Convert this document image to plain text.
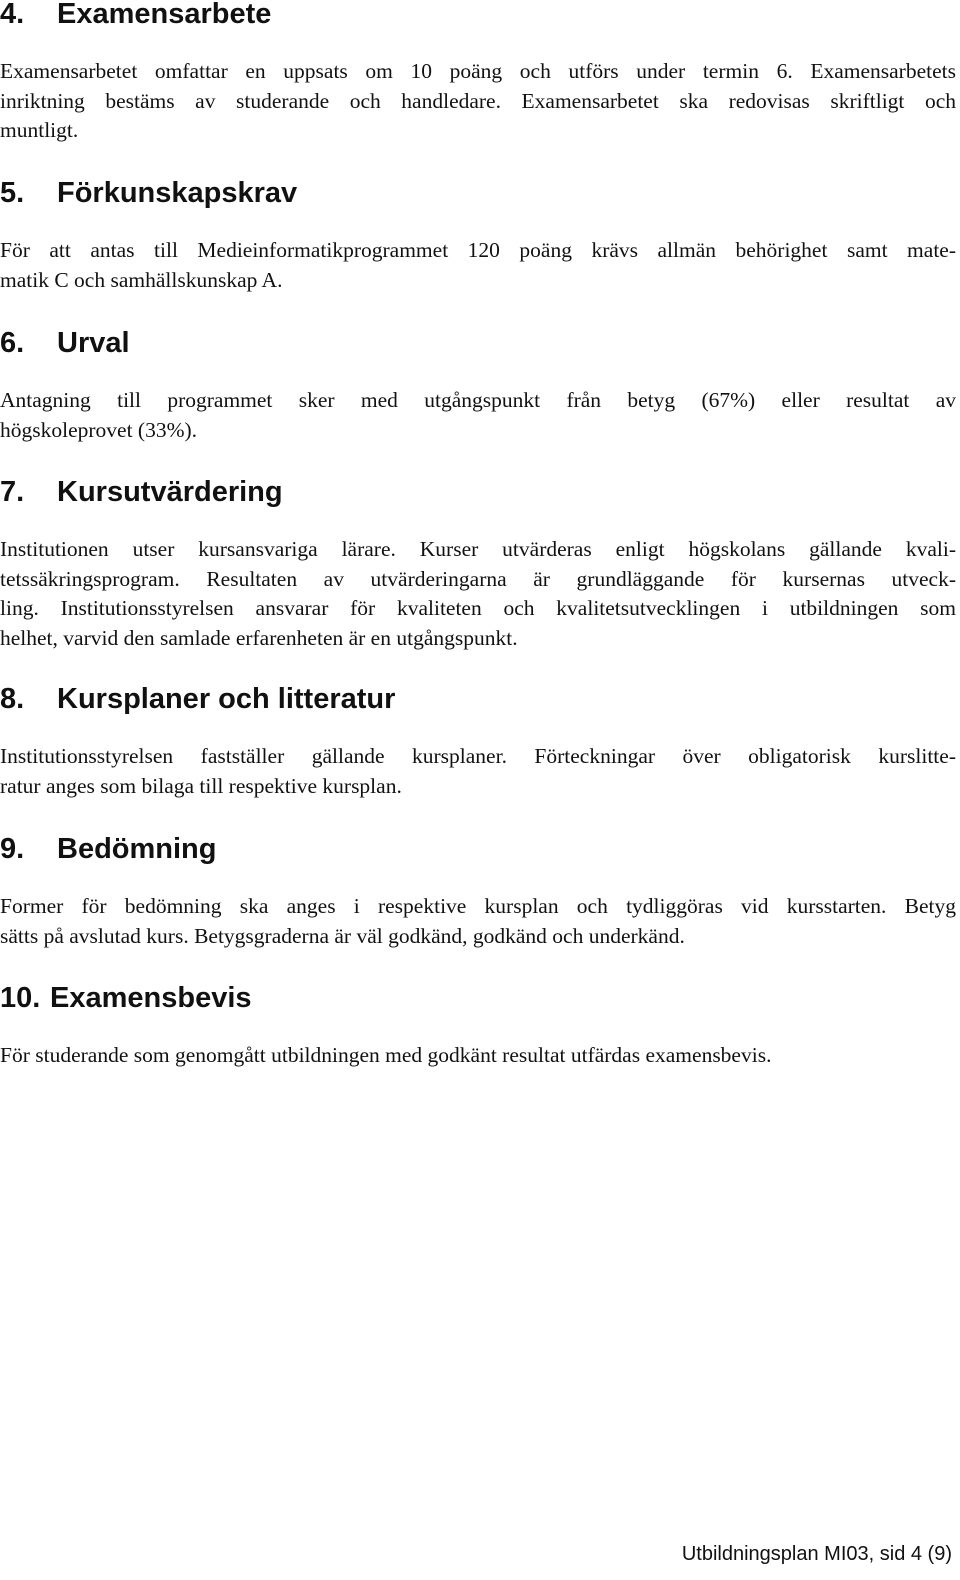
4. Examensarbete

Examensarbetet omfattar en uppsats om 10 poäng och utförs under termin 6. Examensarbetets
inriktning bestäms av studerande och handledare. Examensarbetet ska redovisas skriftligt och
muntligt.

5. Förkunskapskrav

För att antas till Medieinformatikprogrammet 120 poäng krävs allmän behörighet samt mate-
matik C och samhällskunskap A.

6. Urval

Antagning till programmet sker med utgångspunkt från betyg (67%) eller resultat av
högskoleprovet (33%).

7. Kursutvärdering

Institutionen utser kursansvariga lärare. Kurser utvärderas enligt högskolans gällande kvali-
tetssäkringsprogram. Resultaten av utvärderingarna är grundläggande för kursernas utveck-
ling. Institutionsstyrelsen ansvarar för kvaliteten och kvalitetsutvecklingen i utbildningen som
helhet, varvid den samlade erfarenheten är en utgångspunkt.

8. Kursplaner och litteratur

Institutionsstyrelsen fastställer gällande kursplaner. Förteckningar över obligatorisk kurslitte-
ratur anges som bilaga till respektive kursplan.

9. Bedömning

Former för bedömning ska anges i respektive kursplan och tydliggöras vid kursstarten. Betyg
sätts på avslutad kurs. Betygsgraderna är väl godkänd, godkänd och underkänd.

10. Examensbevis

För studerande som genomgått utbildningen med godkänt resultat utfärdas examensbevis.

Utbildningsplan MI03, sid 4 (9)
